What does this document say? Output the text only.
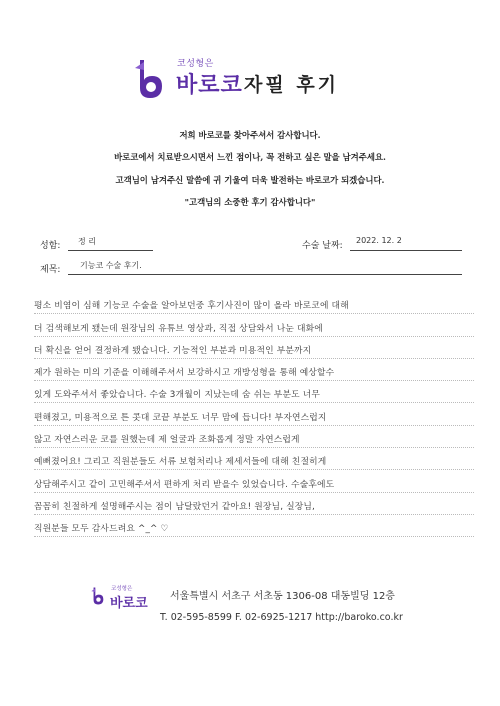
코성형은
바로코 자필 후기
저희 바로코를 찾아주셔서 감사합니다.
바로코에서 치료받으시면서 느낀 점이나, 꼭 전하고 싶은 말을 남겨주세요.
고객님이 남겨주신 말씀에 귀 기울여 더욱 발전하는 바로코가 되겠습니다.
"고객님의 소중한 후기 감사합니다"
성함: 정 리	수술 날짜:
2022. 12. 2
제목: 기능코 수술 후기.
평소 비염이 심해 기능코 수술을 알아보던중 후기사진이 많이 올라 바로코에 대해
더 검색해보게 됐는데 원장님의 유튜브 영상과, 직접 상담와서 나눈 대화에
더 확신을 얻어 결정하게 됐습니다. 기능적인 부분과 미용적인 부분까지
제가 원하는 미의 기준을 이해해주셔서 보강하시고 개방성형을 통해 예상할수
있게 도와주셔서 좋았습니다. 수술 3개월이 지났는데 숨 쉬는 부분도 너무
편해졌고, 미용적으로 튼 콧대 코끝 부분도 너무 맘에 듭니다! 부자연스럽지
않고 자연스러운 코를 원했는데 제 얼굴과 조화롭게 정말 자연스럽게
예뻐졌어요! 그리고 직원분들도 서류 보험처리나 제세서들에 대해 친절히게
상담해주시고 같이 고민해주셔서 편하게 처리 받을수 있었습니다. 수술후에도
꼼꼼히 친절하게 설명해주시는 점이 남달랐던거 같아요! 원장님, 실장님,
직원분들 모두 감사드려요 ^_^ ♡
코성형은
바로코 서울특별시 서초구 서초동 1306-08 대동빌딩 12층
T. 02-595-8599 F. 02-6925-1217 http://baroko.co.kr
